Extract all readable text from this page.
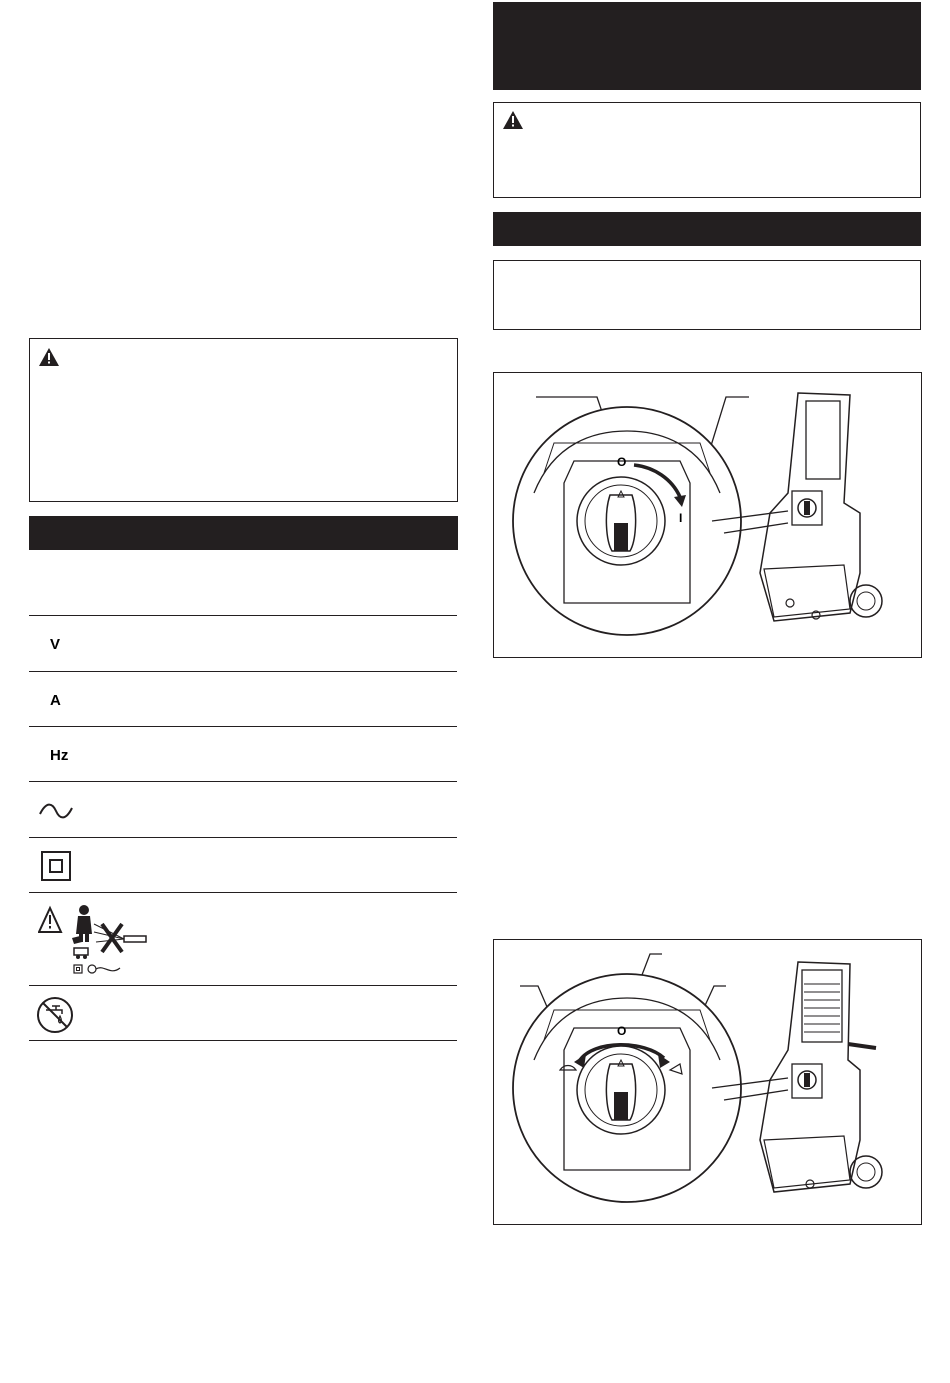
V
A
Hz
O
I
O
